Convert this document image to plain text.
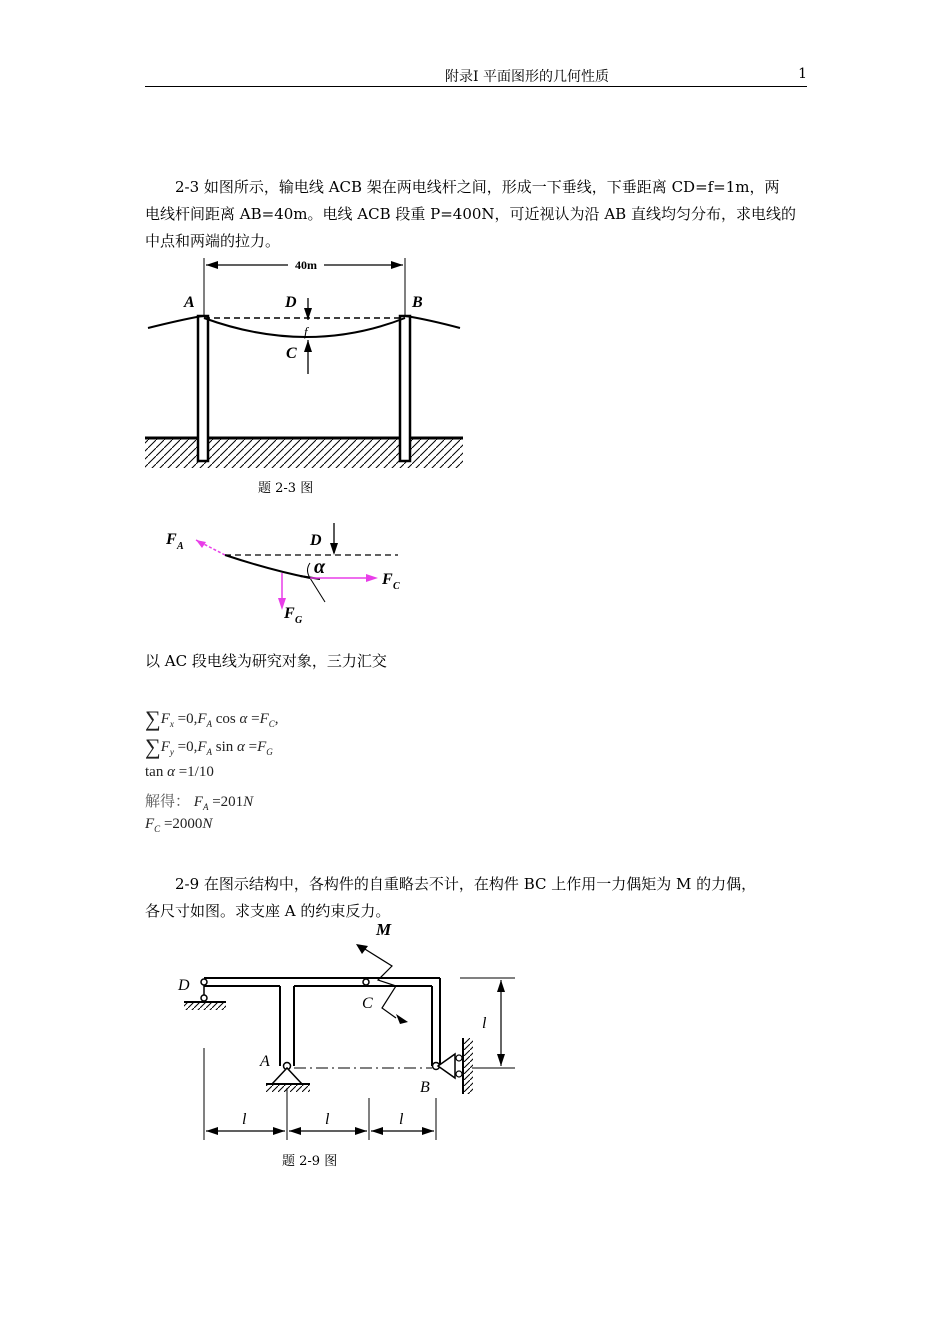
附录Ⅰ 平面图形的几何性质	1
2-3 如图所示，输电线 ACB 架在两电线杆之间，形成一下垂线，下垂距离 CD=f=1m，两
电线杆间距离 AB=40m。电线 ACB 段重 P=400N，可近视认为沿 AB 直线均匀分布，求电线的
中点和两端的拉力。
40m
A	B
D
C
f
题 2-3 图
F A	D
α
F C
F G
以 AC 段电线为研究对象，三力汇交
$\sum F_x =0,F_A$ $\cos \alpha =F_C$,
$\sum F_y =0,F_A$ $\sin \alpha =F_G$
tan α =1/10
解得： $F_A =201N$
$F_C =2000N$
2-9 在图示结构中，各构件的自重略去不计，在构件 BC 上作用一力偶矩为 M 的力偶，
各尺寸如图。求支座 A 的约束反力。
M
D
C
A
B
l	l	l
l
题 2-9 图
